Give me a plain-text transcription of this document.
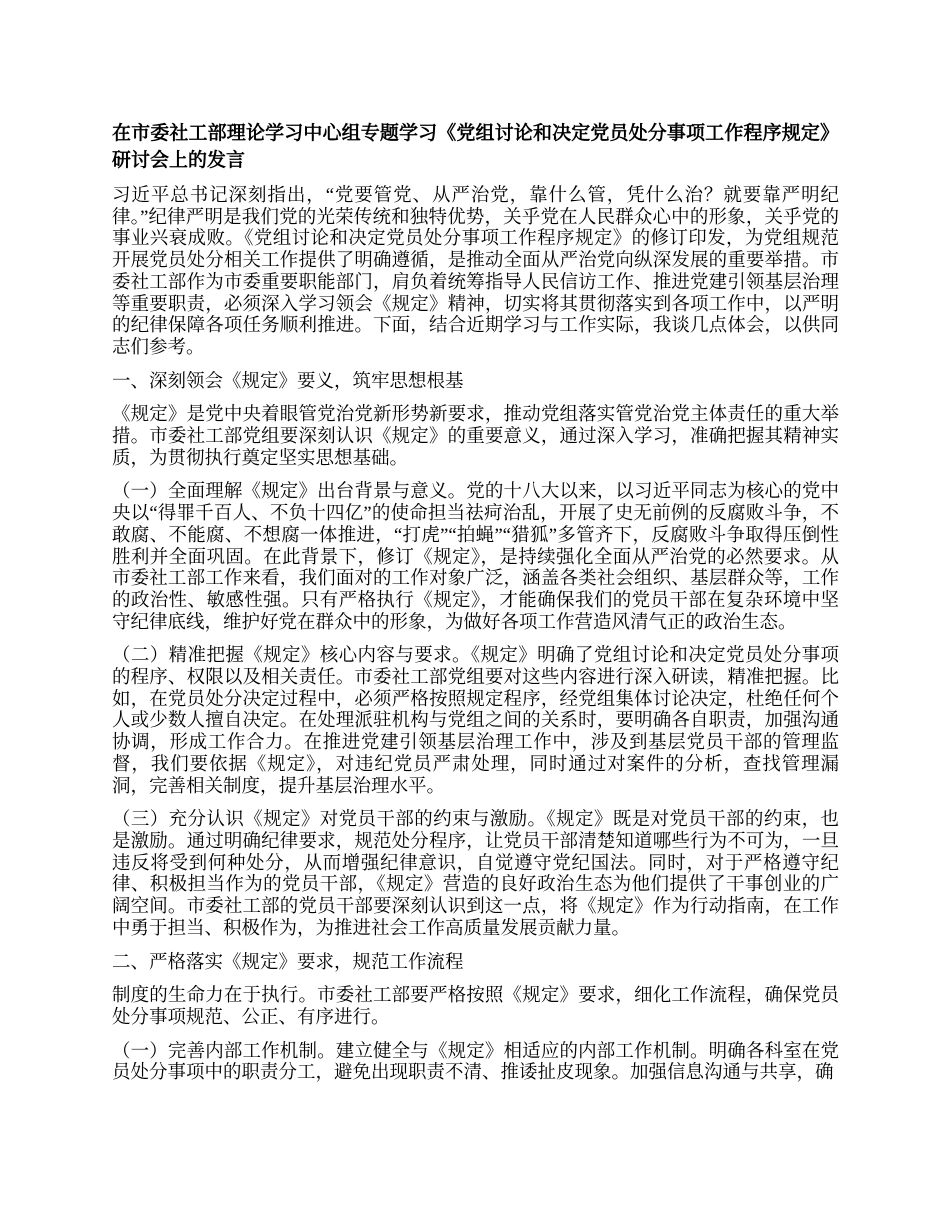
在市委社工部理论学习中心组专题学习《党组讨论和决定党员处分事项工作程序规定》研讨会上的发言

习近平总书记深刻指出，“党要管党、从严治党，靠什么管，凭什么治？就要靠严明纪律。”纪律严明是我们党的光荣传统和独特优势，关乎党在人民群众心中的形象，关乎党的事业兴衰成败。《党组讨论和决定党员处分事项工作程序规定》的修订印发，为党组规范开展党员处分相关工作提供了明确遵循，是推动全面从严治党向纵深发展的重要举措。市委社工部作为市委重要职能部门，肩负着统筹指导人民信访工作、推进党建引领基层治理等重要职责，必须深入学习领会《规定》精神，切实将其贯彻落实到各项工作中，以严明的纪律保障各项任务顺利推进。下面，结合近期学习与工作实际，我谈几点体会，以供同志们参考。

一、深刻领会《规定》要义，筑牢思想根基

《规定》是党中央着眼管党治党新形势新要求，推动党组落实管党治党主体责任的重大举措。市委社工部党组要深刻认识《规定》的重要意义，通过深入学习，准确把握其精神实质，为贯彻执行奠定坚实思想基础。

（一）全面理解《规定》出台背景与意义。党的十八大以来，以习近平同志为核心的党中央以“得罪千百人、不负十四亿”的使命担当祛疴治乱，开展了史无前例的反腐败斗争，不敢腐、不能腐、不想腐一体推进，“打虎”“拍蝇”“猎狐”多管齐下，反腐败斗争取得压倒性胜利并全面巩固。在此背景下，修订《规定》，是持续强化全面从严治党的必然要求。从市委社工部工作来看，我们面对的工作对象广泛，涵盖各类社会组织、基层群众等，工作的政治性、敏感性强。只有严格执行《规定》，才能确保我们的党员干部在复杂环境中坚守纪律底线，维护好党在群众中的形象，为做好各项工作营造风清气正的政治生态。

（二）精准把握《规定》核心内容与要求。《规定》明确了党组讨论和决定党员处分事项的程序、权限以及相关责任。市委社工部党组要对这些内容进行深入研读，精准把握。比如，在党员处分决定过程中，必须严格按照规定程序，经党组集体讨论决定，杜绝任何个人或少数人擅自决定。在处理派驻机构与党组之间的关系时，要明确各自职责，加强沟通协调，形成工作合力。在推进党建引领基层治理工作中，涉及到基层党员干部的管理监督，我们要依据《规定》，对违纪党员严肃处理，同时通过对案件的分析，查找管理漏洞，完善相关制度，提升基层治理水平。

（三）充分认识《规定》对党员干部的约束与激励。《规定》既是对党员干部的约束，也是激励。通过明确纪律要求，规范处分程序，让党员干部清楚知道哪些行为不可为，一旦违反将受到何种处分，从而增强纪律意识，自觉遵守党纪国法。同时，对于严格遵守纪律、积极担当作为的党员干部，《规定》营造的良好政治生态为他们提供了干事创业的广阔空间。市委社工部的党员干部要深刻认识到这一点，将《规定》作为行动指南，在工作中勇于担当、积极作为，为推进社会工作高质量发展贡献力量。

二、严格落实《规定》要求，规范工作流程

制度的生命力在于执行。市委社工部要严格按照《规定》要求，细化工作流程，确保党员处分事项规范、公正、有序进行。

（一）完善内部工作机制。建立健全与《规定》相适应的内部工作机制。明确各科室在党员处分事项中的职责分工，避免出现职责不清、推诿扯皮现象。加强信息沟通与共享，确
